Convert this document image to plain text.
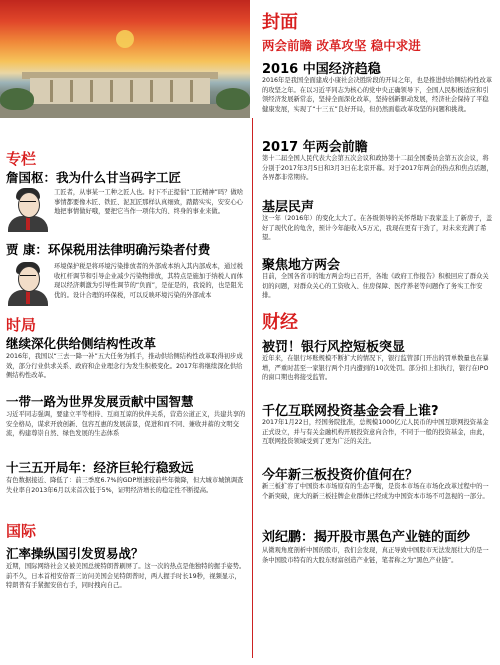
专栏
詹国枢：我为什么甘当码字工匠
工匠者，从事某一工种之匠人也。时下不正提倡“工匠精神”吗？做啥事情都要像木匠、铁匠、泥瓦匠那样认真细致，踏踏实实，安安心心地把事情做好哦，要把它当作一项伟大的、终身的事业来做。
贾 康：环保税用法律明确污染者付费
环境保护税是将环境污染排放者的外部成本纳入其内部成本，通过税收杠杆调节和引导企业减少污染物排放，其特点是施加于纳税人而体现以经济刺激为引导性调节的“负面”，是征是的，我说的，也是阻光优的。设计合理的环保税，可以反映环境污染的外部成本
时局
继续深化供给侧结构性改革
2016年，我国以“三去一降一补”五大任务为抓手，推动供给侧结构性改革取得初步成效，部分行业供求关系、政府和企业理念行为发生积极变化。2017年将继续深化供给侧结构性改革。
一带一路为世界发展贡献中国智慧
习近平同志强调，要建立平等相待、互商互谅的伙伴关系，营造公道正义，共建共享的安全格局，谋求开放创新、包容互惠的发展前景，促进和而不同、兼收并蓄的文明交流，构建尊崇自然、绿色发展的生态体系
十三五开局年：经济巨轮行稳致远
有色数据接近、降低了：前三季度6.7%的GDP增速较前些年微降，但大城市城镇调查失业率自2013年6月以来首次低于5%，证明经济增长的稳定性不断提高。
国际
汇率操纵国引发贸易战？
近期，国际网络社会又被美国总统特朗普刷屏了。这一次的热点是他独特的握手姿势。前不久，日本首相安倍晋三访问美国会见特朗普时，两人握手时长19秒，视频显示，特朗普有手紧握安倍右手，同时拽向自己。
封面
两会前瞻 改革攻坚 稳中求进
2016 中国经济趋稳
2016年是我国全面建成小康社会决胜阶段的开局之年，也是推进供给侧结构性改革的攻坚之年。在以习近平同志为核心的党中央正确领导下，全国人民积极适应和引领经济发展新常态，坚持全面深化改革，坚持创新驱动发展，经济社会保持了平稳健康发展，实现了“十三五”良好开局，但仍然面临改革攻坚的问题和挑战。
2017 年两会前瞻
第十二届全国人民代表大会第五次会议和政协第十二届全国委员会第五次会议，将分别于2017年3月5日和3月3日在北京开幕。对于2017年两会的热点和焦点话题，各界都非常期待。
基层民声
这一年（2016年）的变化太大了。在各级领导的关怀帮助下我家盖上了新房子，盖好了现代化的龟舍，预计今年能收入5万元，我现在更有干劲了，对未来充满了希望。
聚焦地方两会
目前，全国各省市的地方两会均已召开，各地《政府工作报告》积极回应了群众关切的问题，对群众关心的工资收入、住房保障、医疗养老等问题作了务实工作安排。
财经
被罚！银行风控短板突显
近年来，在银行坏账规模不断扩大的情况下，银行监管部门开出的罚单数量也在暴增，严重时甚至一家银行两个月内遭到的10次处罚。部分扣上扣执行，银行在IPO的窗口期也将接受监管。
千亿互联网投资基金会看上谁?
2017年1月22日，经国务院批准，总规模1000亿元人民币的中国互联网投资基金正式设立，并与有关金融机构开展投资意向合作，不同于一般的投资基金，由此，互联网投资领域受到了更为广泛的关注。
今年新三板投资价值何在？
新三板扩容了中国资本市场原有的生态平衡，是资本市场在市场化改革过程中的一个新突破，庞大的新三板挂牌企业群体已经成为中国资本市场不可忽视的一部分。
刘纪鹏：揭开股市黑色产业链的面纱
从微观角度剖析中国的股市，我们会发现，真正导致中国股市无法发展壮大的是一条中国股市特有的大股东财富创造产业链，笔者称之为“黑色产业链”。
